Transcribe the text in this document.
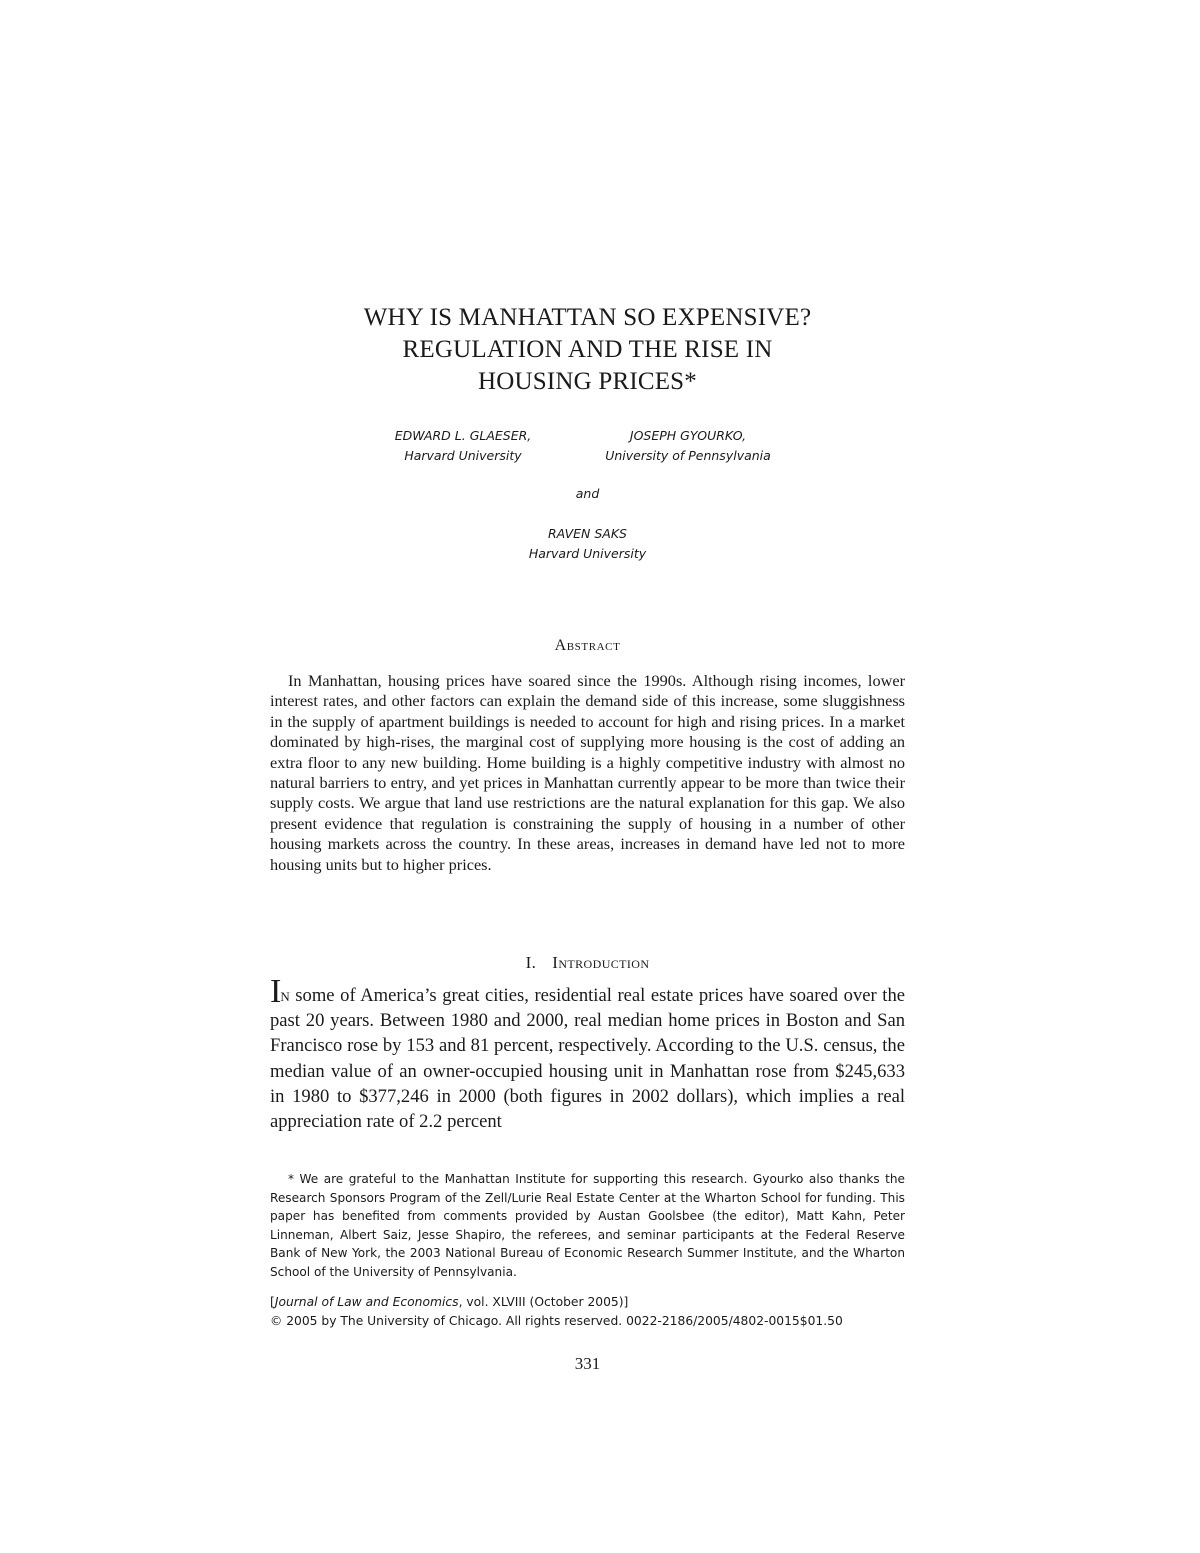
WHY IS MANHATTAN SO EXPENSIVE?
REGULATION AND THE RISE IN
HOUSING PRICES*
EDWARD L. GLAESER,
Harvard University
JOSEPH GYOURKO,
University of Pennsylvania
and
RAVEN SAKS
Harvard University
Abstract

In Manhattan, housing prices have soared since the 1990s. Although rising incomes, lower interest rates, and other factors can explain the demand side of this increase, some sluggishness in the supply of apartment buildings is needed to account for high and rising prices. In a market dominated by high-rises, the marginal cost of supplying more housing is the cost of adding an extra floor to any new building. Home building is a highly competitive industry with almost no natural barriers to entry, and yet prices in Manhattan currently appear to be more than twice their supply costs. We argue that land use restrictions are the natural explanation for this gap. We also present evidence that regulation is constraining the supply of housing in a number of other housing markets across the country. In these areas, increases in demand have led not to more housing units but to higher prices.

I. Introduction

In some of America’s great cities, residential real estate prices have soared over the past 20 years. Between 1980 and 2000, real median home prices in Boston and San Francisco rose by 153 and 81 percent, respectively. According to the U.S. census, the median value of an owner-occupied housing unit in Manhattan rose from $245,633 in 1980 to $377,246 in 2000 (both figures in 2002 dollars), which implies a real appreciation rate of 2.2 percent

* We are grateful to the Manhattan Institute for supporting this research. Gyourko also thanks the Research Sponsors Program of the Zell/Lurie Real Estate Center at the Wharton School for funding. This paper has benefited from comments provided by Austan Goolsbee (the editor), Matt Kahn, Peter Linneman, Albert Saiz, Jesse Shapiro, the referees, and seminar participants at the Federal Reserve Bank of New York, the 2003 National Bureau of Economic Research Summer Institute, and the Wharton School of the University of Pennsylvania.

[Journal of Law and Economics, vol. XLVIII (October 2005)]
© 2005 by The University of Chicago. All rights reserved. 0022-2186/2005/4802-0015$01.50
331
